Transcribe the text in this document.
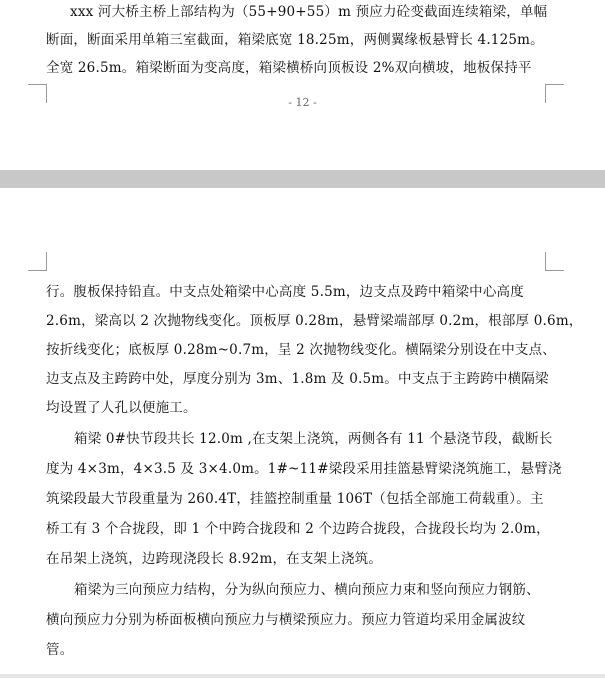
xxx 河大桥主桥上部结构为（55+90+55）m 预应力砼变截面连续箱梁，单幅
断面，断面采用单箱三室截面，箱梁底宽 18.25m，两侧翼缘板悬臂长 4.125m。
全宽 26.5m。箱梁断面为变高度，箱梁横桥向顶板设 2%双向横坡，地板保持平
- 12 -
行。腹板保持铅直。中支点处箱梁中心高度 5.5m，边支点及跨中箱梁中心高度
2.6m，梁高以 2 次抛物线变化。顶板厚 0.28m，悬臂梁端部厚 0.2m，根部厚 0.6m，
按折线变化；底板厚 0.28m~0.7m，呈 2 次抛物线变化。横隔梁分别设在中支点、
边支点及主跨跨中处，厚度分别为 3m、1.8m 及 0.5m。中支点于主跨跨中横隔梁
均设置了人孔以便施工。
箱梁 0#快节段共长 12.0m ,在支架上浇筑，两侧各有 11 个悬浇节段，截断长
度为 4×3m，4×3.5 及 3×4.0m。1#~11#梁段采用挂篮悬臂梁浇筑施工，悬臂浇
筑梁段最大节段重量为 260.4T，挂篮控制重量 106T（包括全部施工荷载重）。主
桥工有 3 个合拢段，即 1 个中跨合拢段和 2 个边跨合拢段，合拢段长均为 2.0m，
在吊架上浇筑，边跨现浇段长 8.92m，在支架上浇筑。
箱梁为三向预应力结构，分为纵向预应力、横向预应力束和竖向预应力钢筋、
横向预应力分别为桥面板横向预应力与横梁预应力。预应力管道均采用金属波纹
管。
